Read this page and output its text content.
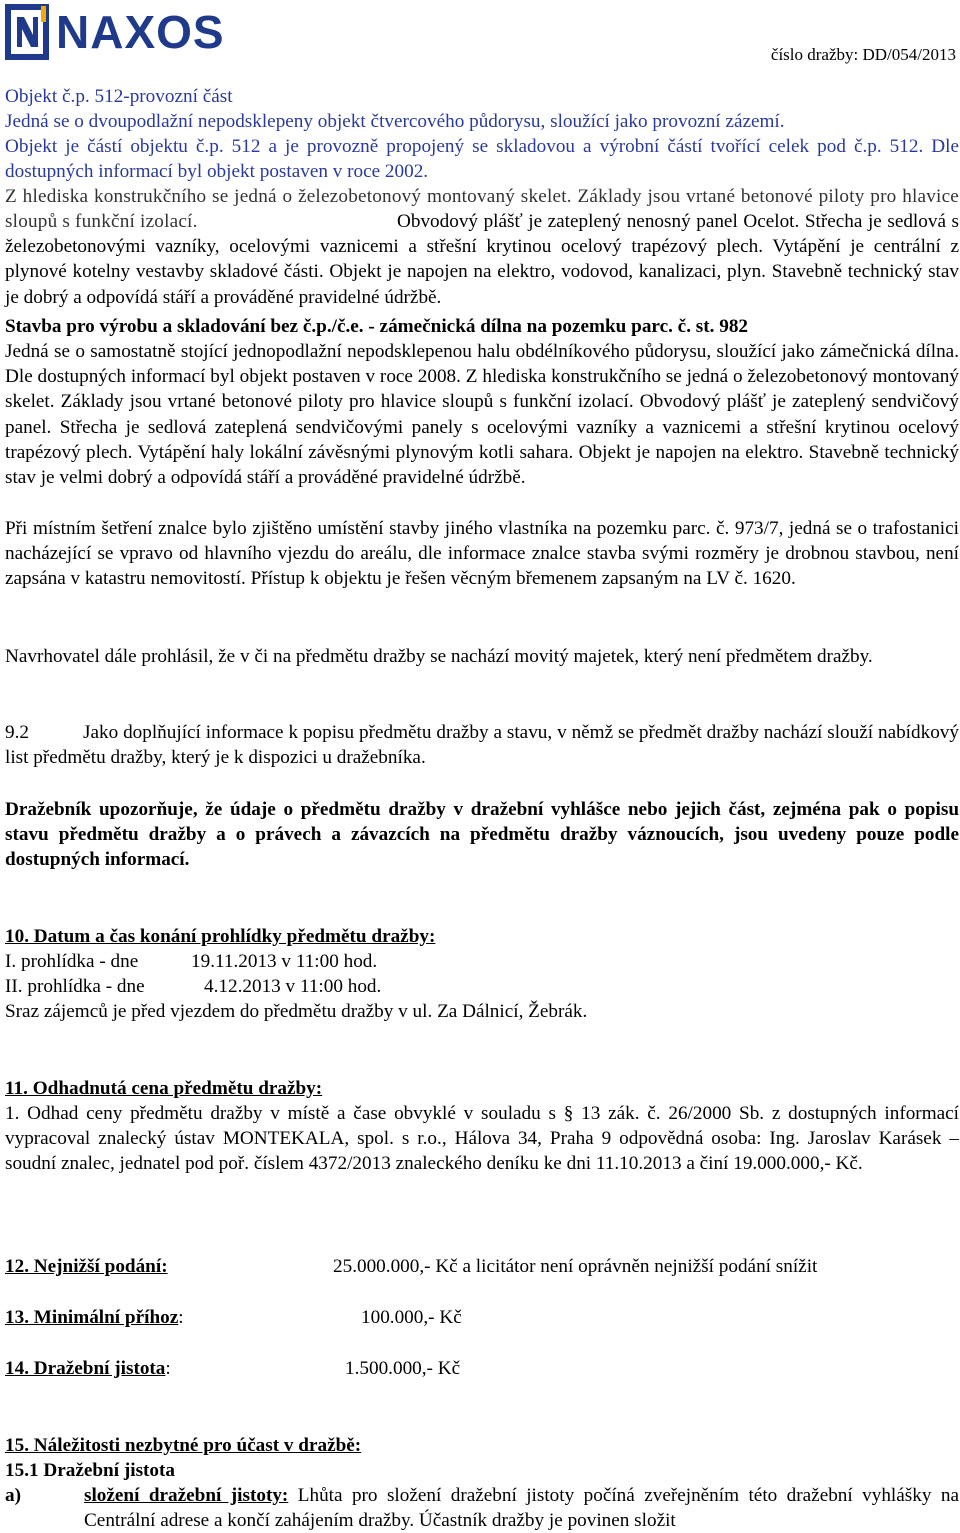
NAXOS	číslo dražby: DD/054/2013
Objekt č.p. 512-provozní část
Jedná se o dvoupodlažní nepodsklepeny objekt čtvercového půdorysu, sloužící jako provozní zázemí.
Objekt je částí objektu č.p. 512 a je provozně propojený se skladovou a výrobní částí tvořící celek pod č.p. 512. Dle dostupných informací byl objekt postaven v roce 2002.
Z hlediska konstrukčního se jedná o železobetonový montovaný skelet. Základy jsou vrtané betonové piloty pro hlavice sloupů s funkční izolací.	Obvodový plášť je zateplený nenosný panel Ocelot. Střecha je sedlová s železobetonovými vazníky, ocelovými vaznicemi a střešní krytinou ocelový trapézový plech. Vytápění je centrální z plynové kotelny vestavby skladové části. Objekt je napojen na elektro, vodovod, kanalizaci, plyn. Stavebně technický stav je dobrý a odpovídá stáří a prováděné pravidelné údržbě.
Stavba pro výrobu a skladování bez č.p./č.e. - zámečnická dílna na pozemku parc. č. st. 982
Jedná se o samostatně stojící jednopodlažní nepodsklepenou halu obdélníkového půdorysu, sloužící jako zámečnická dílna. Dle dostupných informací byl objekt postaven v roce 2008. Z hlediska konstrukčního se jedná o železobetonový montovaný skelet. Základy jsou vrtané betonové piloty pro hlavice sloupů s funkční izolací. Obvodový plášť je zateplený sendvičový panel. Střecha je sedlová zateplená sendvičovými panely s ocelovými vazníky a vaznicemi a střešní krytinou ocelový trapézový plech. Vytápění haly lokální závěsnými plynovým kotli sahara. Objekt je napojen na elektro. Stavebně technický stav je velmi dobrý a odpovídá stáří a prováděné pravidelné údržbě.
Při místním šetření znalce bylo zjištěno umístění stavby jiného vlastníka na pozemku parc. č. 973/7, jedná se o trafostanici nacházející se vpravo od hlavního vjezdu do areálu, dle informace znalce stavba svými rozměry je drobnou stavbou, není zapsána v katastru nemovitostí. Přístup k objektu je řešen věcným břemenem zapsaným na LV č. 1620.
Navrhovatel dále prohlásil, že v či na předmětu dražby se nachází movitý majetek, který není předmětem dražby.
Jako doplňující informace k popisu předmětu dražby a stavu, v němž se předmět dražby nachází slouží nabídkový list předmětu dražby, který je k dispozici u dražebníka.
9.2
Dražebník upozorňuje, že údaje o předmětu dražby v dražební vyhlášce nebo jejich část, zejména pak o popisu stavu předmětu dražby a o právech a závazcích na předmětu dražby váznoucích, jsou uvedeny pouze podle dostupných informací.
10. Datum a čas konání prohlídky předmětu dražby:
I. prohlídka - dne	19.11.2013 v 11:00 hod.
II. prohlídka - dne	4.12.2013 v 11:00 hod.
Sraz zájemců je před vjezdem do předmětu dražby v ul. Za Dálnicí, Žebrák.
11. Odhadnutá cena předmětu dražby:
1. Odhad ceny předmětu dražby v místě a čase obvyklé v souladu s § 13 zák. č. 26/2000 Sb. z dostupných informací vypracoval znalecký ústav MONTEKALA, spol. s r.o., Hálova 34, Praha 9 odpovědná osoba: Ing. Jaroslav Karásek – soudní znalec, jednatel pod poř. číslem 4372/2013 znaleckého deníku ke dni 11.10.2013 a činí 19.000.000,- Kč.
12. Nejnižší podání:	25.000.000,- Kč a licitátor není oprávněn nejnižší podání snížit
13. Minimální příhoz:	100.000,- Kč
14. Dražební jistota:	1.500.000,- Kč
15. Náležitosti nezbytné pro účast v dražbě:
15.1 Dražební jistota
a)	složení dražební jistoty: Lhůta pro složení dražební jistoty počíná zveřejněním této dražební vyhlášky na Centrální adrese a končí zahájením dražby. Účastník dražby je povinen složit
